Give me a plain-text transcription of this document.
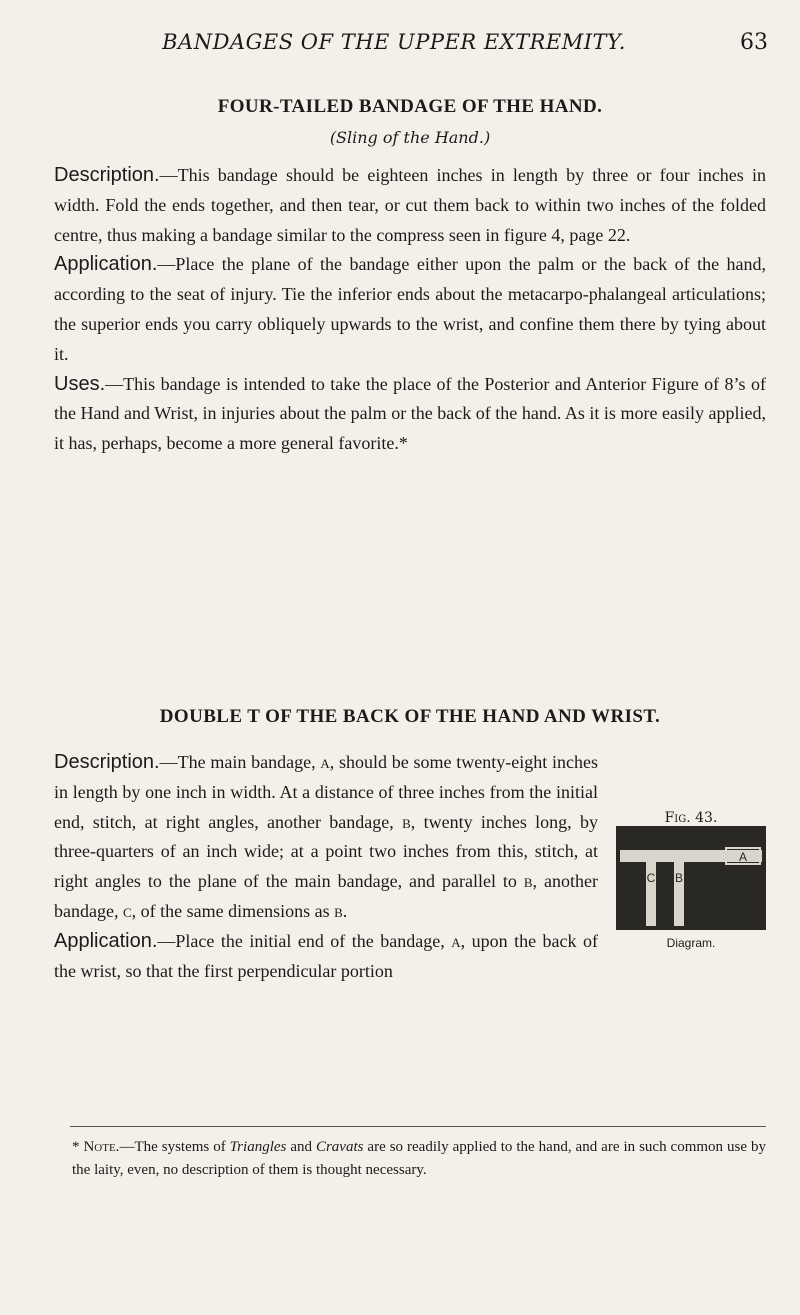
BANDAGES OF THE UPPER EXTREMITY.	63
FOUR-TAILED BANDAGE OF THE HAND.
(Sling of the Hand.)

Description.—This bandage should be eighteen inches in length by three or four inches in width. Fold the ends together, and then tear, or cut them back to within two inches of the folded centre, thus making a bandage similar to the compress seen in figure 4, page 22.

Application.—Place the plane of the bandage either upon the palm or the back of the hand, according to the seat of injury. Tie the inferior ends about the metacarpo-phalangeal articulations; the superior ends you carry obliquely upwards to the wrist, and confine them there by tying about it.

Uses.—This bandage is intended to take the place of the Posterior and Anterior Figure of 8’s of the Hand and Wrist, in injuries about the palm or the back of the hand. As it is more easily applied, it has, perhaps, become a more general favorite.*

DOUBLE T OF THE BACK OF THE HAND AND WRIST.
Fig. 43.
A
C B
Diagram.

Description.—The main bandage, a, should be some twenty-eight inches in length by one inch in width. At a distance of three inches from the initial end, stitch, at right angles, another bandage, b, twenty inches long, by three-quarters of an inch wide; at a point two inches from this, stitch, at right angles to the plane of the main bandage, and parallel to b, another bandage, c, of the same dimensions as b.

Application.—Place the initial end of the bandage, a, upon the back of the wrist, so that the first perpendicular portion

* Note.—The systems of Triangles and Cravats are so readily applied to the hand, and are in such common use by the laity, even, no description of them is thought necessary.
